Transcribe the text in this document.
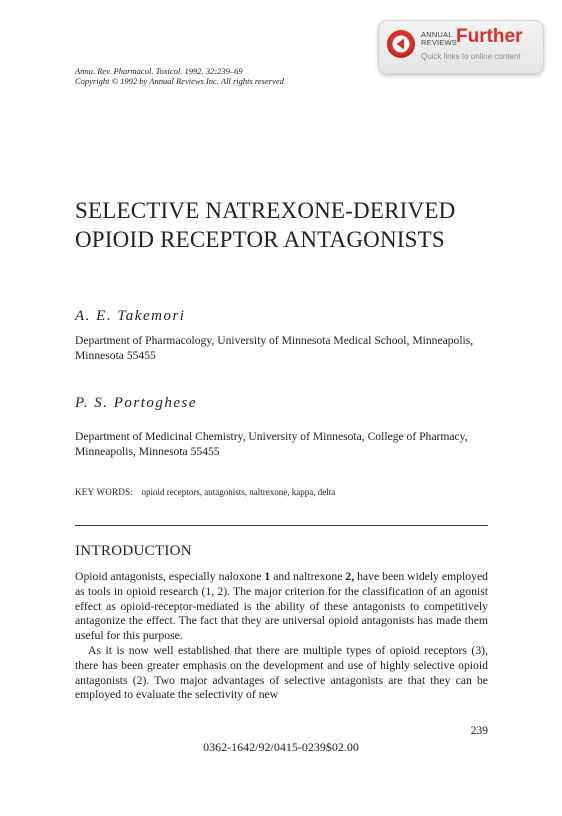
ANNUAL
REVIEWS Further
Quick links to online content
Annu. Rev. Pharmacol. Toxicol. 1992. 32:239–69
Copyright © 1992 by Annual Reviews Inc. All rights reserved
SELECTIVE NATREXONE-DERIVED
OPIOID RECEPTOR ANTAGONISTS
A. E. Takemori
Department of Pharmacology, University of Minnesota Medical School, Minneapolis, Minnesota 55455
P. S. Portoghese
Department of Medicinal Chemistry, University of Minnesota, College of Pharmacy, Minneapolis, Minnesota 55455
KEY WORDS: opioid receptors, antagonists, naltrexone, kappa, delta
INTRODUCTION

Opioid antagonists, especially naloxone 1 and naltrexone 2, have been widely employed as tools in opioid research (1, 2). The major criterion for the classification of an agonist effect as opioid-receptor-mediated is the ability of these antagonists to competitively antagonize the effect. The fact that they are universal opioid antagonists has made them useful for this purpose.

As it is now well established that there are multiple types of opioid receptors (3), there has been greater emphasis on the development and use of highly selective opioid antagonists (2). Two major advantages of selective antagonists are that they can be employed to evaluate the selectivity of new

239
0362-1642/92/0415-0239$02.00
